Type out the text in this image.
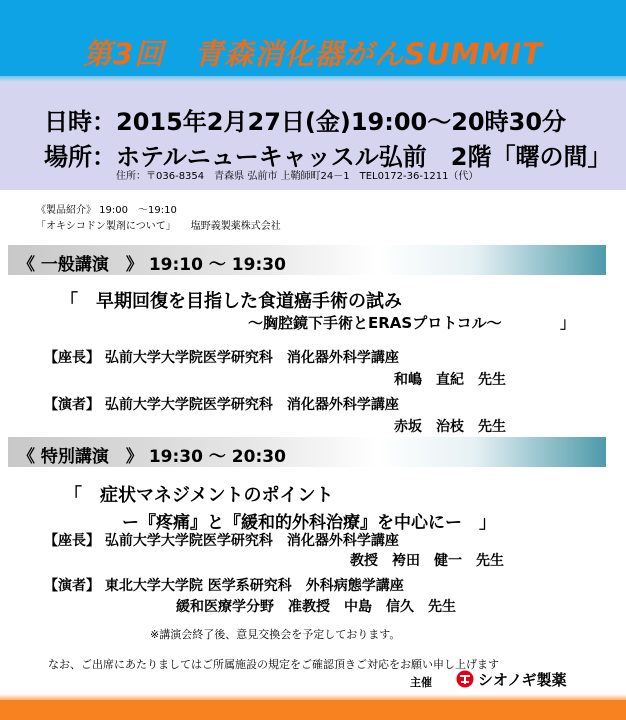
第3回　青森消化器がんSUMMIT
日時：2015年2月27日(金)19:00～20時30分
場所：ホテルニューキャッスル弘前　2階「曙の間」
住所：〒036-8354　青森県 弘前市 上鞘師町24－1　TEL0172-36-1211（代）
《製品紹介》 19:00　～19:10
「オキシコドン製剤について」　　塩野義製薬株式会社
《 一般講演　》 19:10 ～ 19:30
「　早期回復を目指した食道癌手術の試み
～胸腔鏡下手術とERASプロトコル～	」
【座長】 弘前大学大学院医学研究科　消化器外科学講座
和嶋　直紀　先生
【演者】 弘前大学大学院医学研究科　消化器外科学講座
赤坂　治枝　先生
《 特別講演　》 19:30 ～ 20:30
「　症状マネジメントのポイント
ー『疼痛』と『緩和的外科治療』を中心にー　」
【座長】 弘前大学大学院医学研究科　消化器外科学講座
教授　袴田　健一　先生
【演者】 東北大学大学院 医学系研究科　外科病態学講座
緩和医療学分野　准教授　中島　信久　先生
※講演会終了後、意見交換会を予定しております。
なお、ご出席にあたりましてはご所属施設の規定をご確認頂きご対応をお願い申し上げます
主催	シオノギ製薬
